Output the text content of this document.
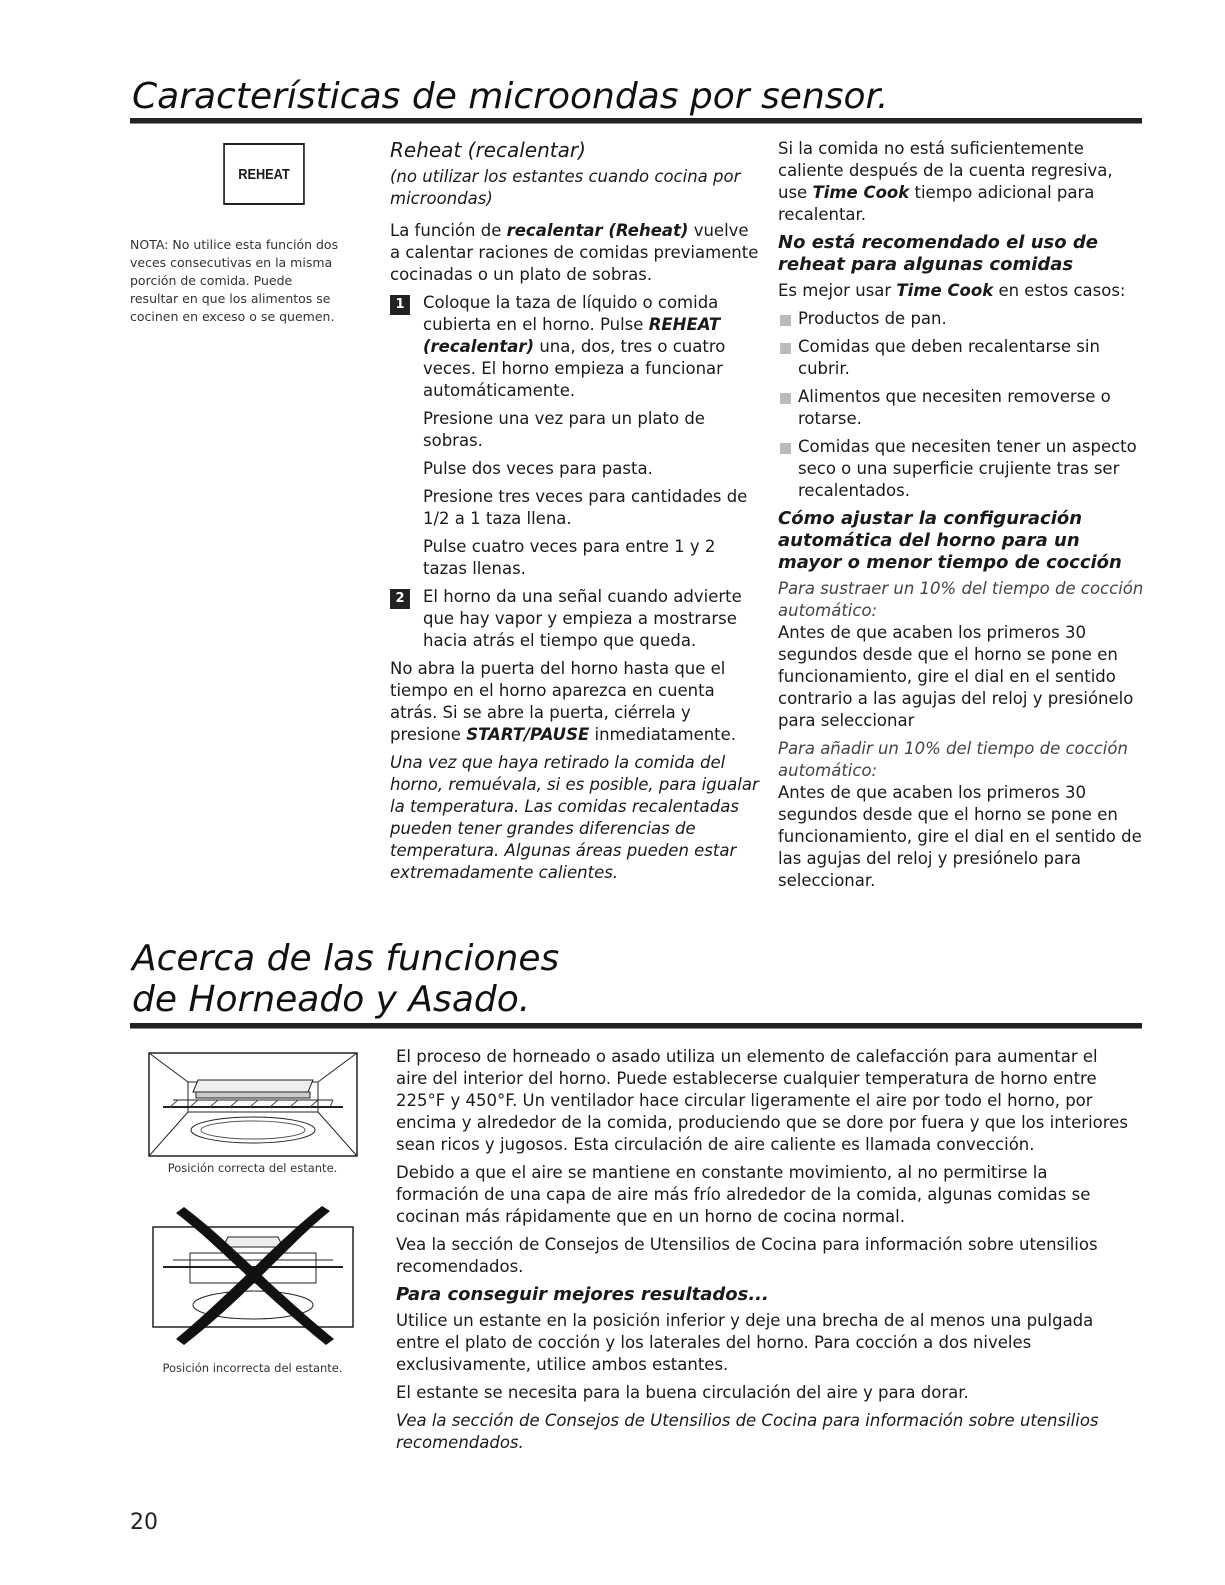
Características de microondas por sensor.
REHEAT
NOTA: No utilice esta función dos veces consecutivas en la misma porción de comida. Puede resultar en que los alimentos se cocinen en exceso o se quemen.

Reheat (recalentar)

(no utilizar los estantes cuando cocina por microondas)

La función de recalentar (Reheat) vuelve a calentar raciones de comidas previamente cocinadas o un plato de sobras.

1	Coloque la taza de líquido o comida cubierta en el horno. Pulse REHEAT (recalentar) una, dos, tres o cuatro veces. El horno empieza a funcionar automáticamente.

Presione una vez para un plato de sobras.

Pulse dos veces para pasta.

Presione tres veces para cantidades de 1/2 a 1 taza llena.

Pulse cuatro veces para entre 1 y 2 tazas llenas.

2	El horno da una señal cuando advierte que hay vapor y empieza a mostrarse hacia atrás el tiempo que queda.

No abra la puerta del horno hasta que el tiempo en el horno aparezca en cuenta atrás. Si se abre la puerta, ciérrela y presione START/PAUSE inmediatamente.

Una vez que haya retirado la comida del horno, remuévala, si es posible, para igualar la temperatura. Las comidas recalentadas pueden tener grandes diferencias de temperatura. Algunas áreas pueden estar extremadamente calientes.

Si la comida no está suficientemente caliente después de la cuenta regresiva, use Time Cook tiempo adicional para recalentar.

No está recomendado el uso de reheat para algunas comidas

Es mejor usar Time Cook en estos casos:

Productos de pan.

Comidas que deben recalentarse sin cubrir.

Alimentos que necesiten removerse o rotarse.

Comidas que necesiten tener un aspecto seco o una superficie crujiente tras ser recalentados.

Cómo ajustar la configuración automática del horno para un mayor o menor tiempo de cocción

Para sustraer un 10% del tiempo de cocción automático:

Antes de que acaben los primeros 30 segundos desde que el horno se pone en funcionamiento, gire el dial en el sentido contrario a las agujas del reloj y presiónelo para seleccionar

Para añadir un 10% del tiempo de cocción automático:

Antes de que acaben los primeros 30 segundos desde que el horno se pone en funcionamiento, gire el dial en el sentido de las agujas del reloj y presiónelo para seleccionar.

Acerca de las funciones
de Horneado y Asado.
Posición correcta del estante.
Posición incorrecta del estante.

El proceso de horneado o asado utiliza un elemento de calefacción para aumentar el aire del interior del horno. Puede establecerse cualquier temperatura de horno entre 225°F y 450°F. Un ventilador hace circular ligeramente el aire por todo el horno, por encima y alrededor de la comida, produciendo que se dore por fuera y que los interiores sean ricos y jugosos. Esta circulación de aire caliente es llamada convección.

Debido a que el aire se mantiene en constante movimiento, al no permitirse la formación de una capa de aire más frío alrededor de la comida, algunas comidas se cocinan más rápidamente que en un horno de cocina normal.

Vea la sección de Consejos de Utensilios de Cocina para información sobre utensilios recomendados.

Para conseguir mejores resultados...

Utilice un estante en la posición inferior y deje una brecha de al menos una pulgada entre el plato de cocción y los laterales del horno. Para cocción a dos niveles exclusivamente, utilice ambos estantes.

El estante se necesita para la buena circulación del aire y para dorar.

Vea la sección de Consejos de Utensilios de Cocina para información sobre utensilios recomendados.

20
